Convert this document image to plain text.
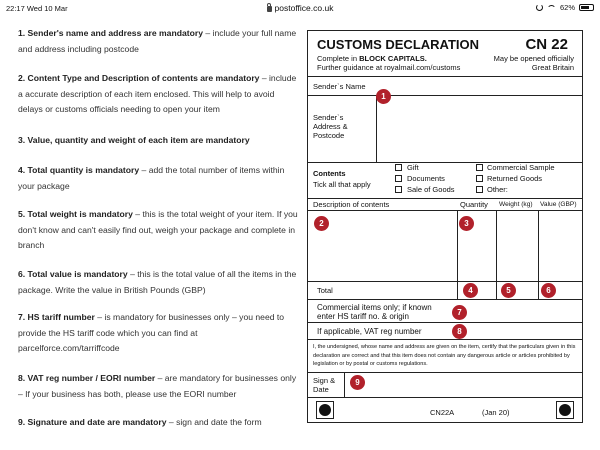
22:17 Wed 10 Mar	postoffice.co.uk	62%

1. Sender's name and address are mandatory – include your full name and address including postcode

2. Content Type and Description of contents are mandatory – include a accurate description of each item enclosed. This will help to avoid delays or customs officials needing to open your item

3. Value, quantity and weight of each item are mandatory

4. Total quantity is mandatory – add the total number of items within your package

5. Total weight is mandatory – this is the total weight of your item. If you don't know and can't easily find out, weigh your package and complete in branch

6. Total value is mandatory – this is the total value of all the items in the package. Write the value in British Pounds (GBP)

7. HS tariff number – is mandatory for businesses only – you need to provide the HS tariff code which you can find at parcelforce.com/tarriffcode

8. VAT reg number / EORI number – are mandatory for businesses only – If your business has both, please use the EORI number

9. Signature and date are mandatory – sign and date the form

CUSTOMS DECLARATION	CN 22
Complete in BLOCK CAPITALS.
Further guidance at royalmail.com/customs
May be opened officially
Great Britain
Sender`s Name
Sender`s Address & Postcode
Contents
Tick all that apply
Gift
Documents
Sale of Goods
Commercial Sample
Returned Goods
Other:
Description of contents	Quantity Weight (kg) Value (GBP)
Total
Commercial items only; if known
enter HS tariff no. & origin
If applicable, VAT reg number
I, the undersigned, whose name and address are given on the item, certify that the particulars given in this declaration are correct and that this item does not contain any dangerous article or articles prohibited by legislation or by postal or customs regulations.
Sign & Date
CN22A	(Jan 20)
1
2	3
4	5	6
7
8
9
